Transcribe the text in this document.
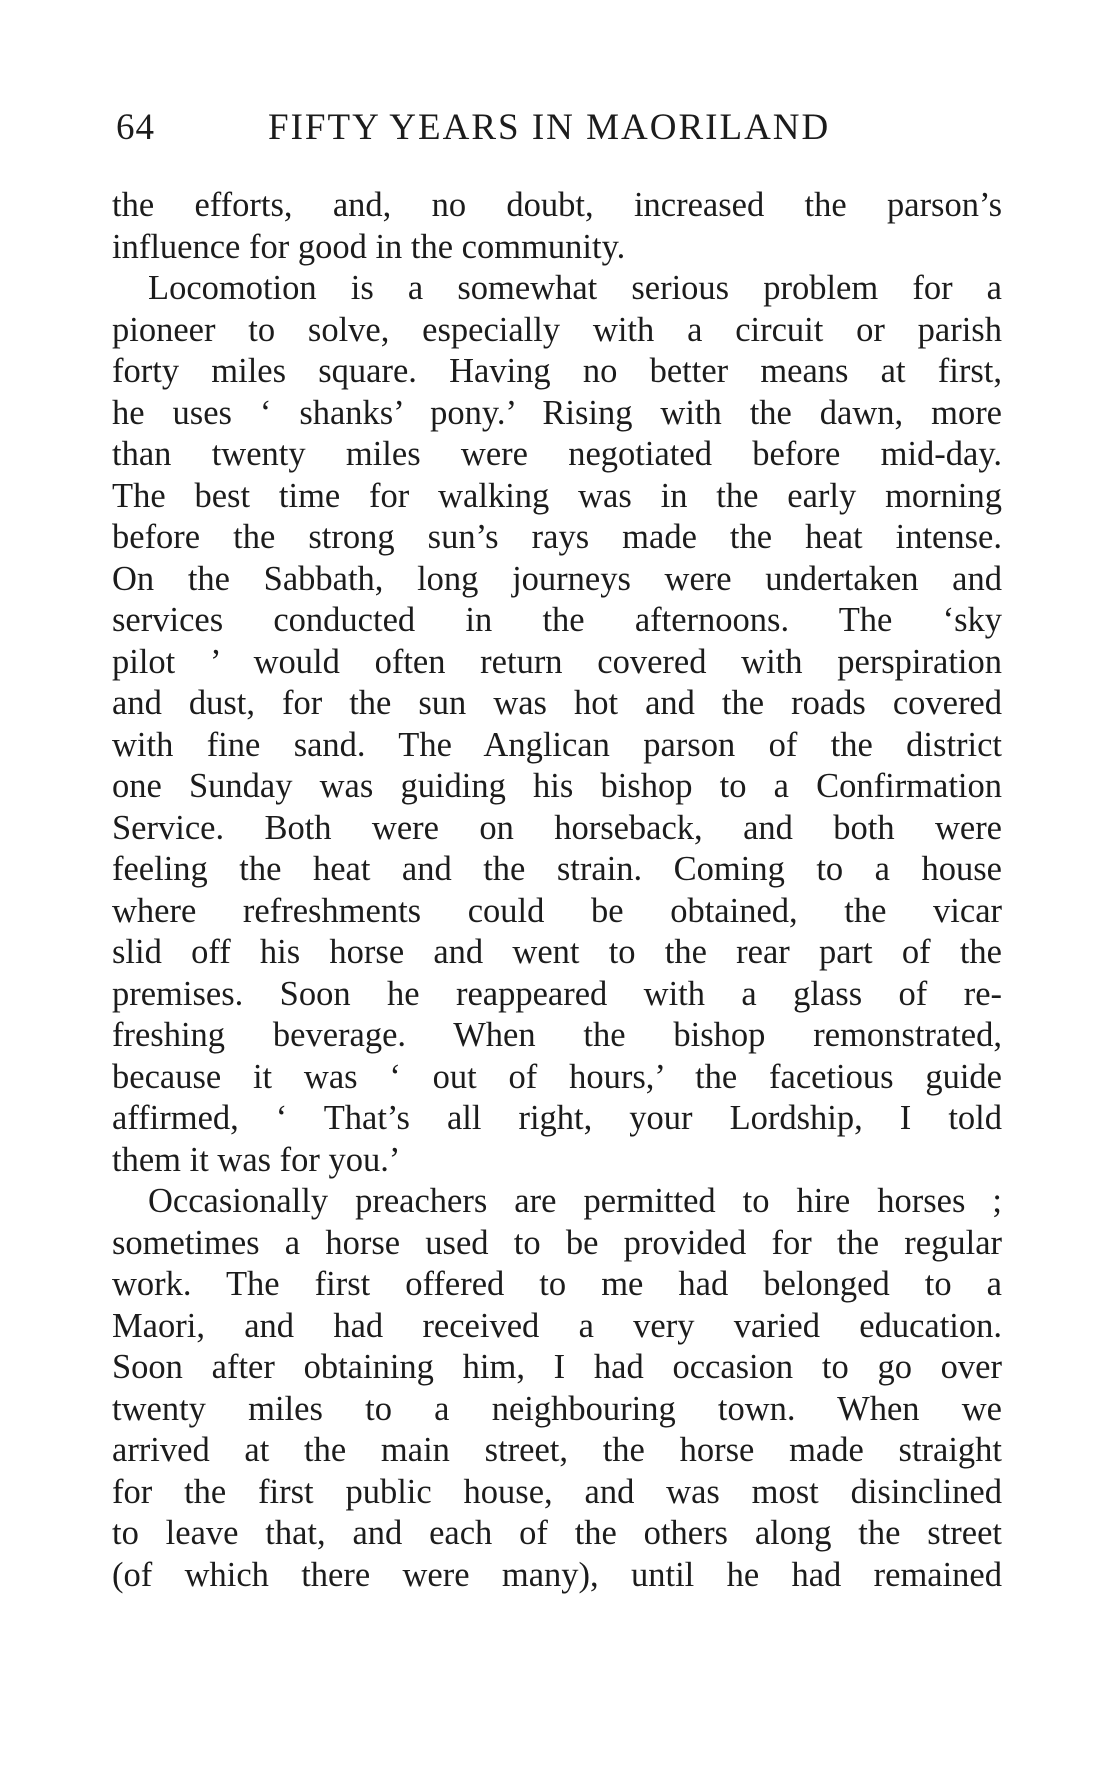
64	FIFTY YEARS IN MAORILAND
the efforts, and, no doubt, increased the parson’s
influence for good in the community.
Locomotion is a somewhat serious problem for a
pioneer to solve, especially with a circuit or parish
forty miles square. Having no better means at first,
he uses ‘ shanks’ pony.’ Rising with the dawn, more
than twenty miles were negotiated before mid-day.
The best time for walking was in the early morning
before the strong sun’s rays made the heat intense.
On the Sabbath, long journeys were undertaken and
services conducted in the afternoons. The ‘sky
pilot ’ would often return covered with perspiration
and dust, for the sun was hot and the roads covered
with fine sand. The Anglican parson of the district
one Sunday was guiding his bishop to a Confirmation
Service. Both were on horseback, and both were
feeling the heat and the strain. Coming to a house
where refreshments could be obtained, the vicar
slid off his horse and went to the rear part of the
premises. Soon he reappeared with a glass of re-
freshing beverage. When the bishop remonstrated,
because it was ‘ out of hours,’ the facetious guide
affirmed, ‘ That’s all right, your Lordship, I told
them it was for you.’
Occasionally preachers are permitted to hire horses ;
sometimes a horse used to be provided for the regular
work. The first offered to me had belonged to a
Maori, and had received a very varied education.
Soon after obtaining him, I had occasion to go over
twenty miles to a neighbouring town. When we
arrived at the main street, the horse made straight
for the first public house, and was most disinclined
to leave that, and each of the others along the street
(of which there were many), until he had remained
